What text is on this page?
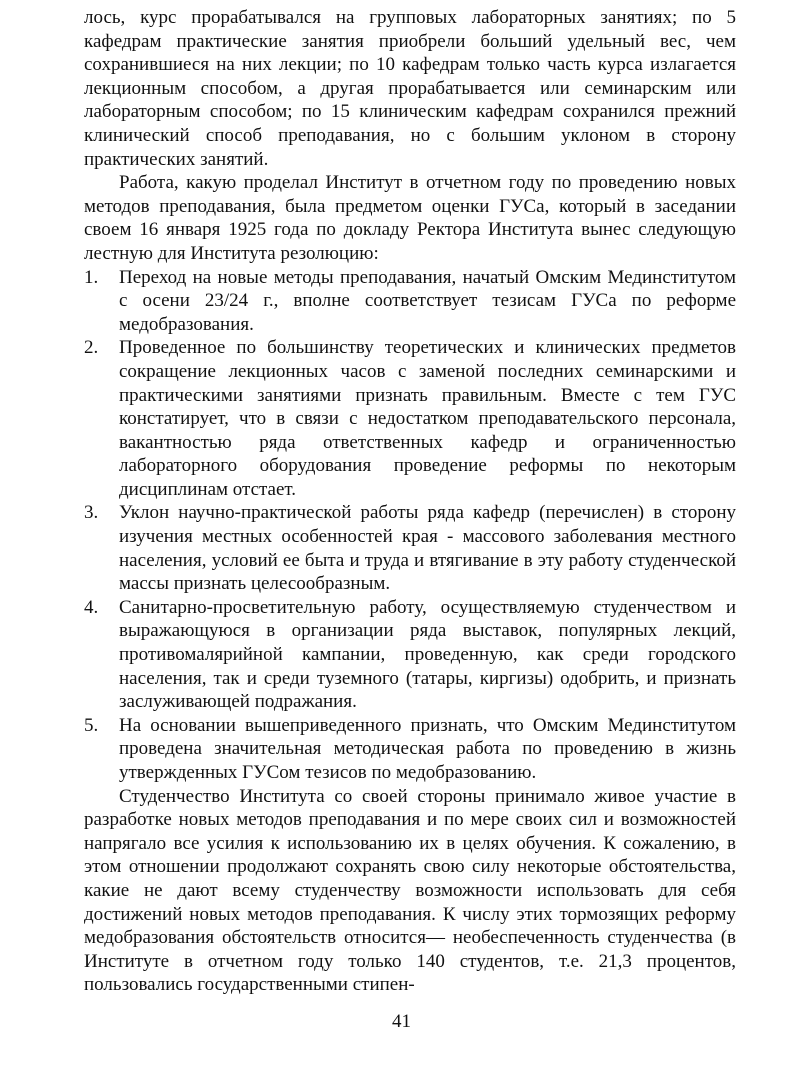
лось, курс прорабатывался на групповых лабораторных занятиях; по 5 кафедрам практические занятия приобрели больший удельный вес, чем сохранившиеся на них лекции; по 10 кафедрам только часть курса излагается лекционным способом, а другая прорабатывается или семинарским или лабораторным способом; по 15 клиническим кафедрам сохранился прежний клинический способ преподавания, но с большим уклоном в сторону практических занятий.

Работа, какую проделал Институт в отчетном году по проведению новых методов преподавания, была предметом оценки ГУСа, который в заседании своем 16 января 1925 года по докладу Ректора Института вынес следующую лестную для Института резолюцию:

1.	Переход на новые методы преподавания, начатый Омским Мединститутом с осени 23/24 г., вполне соответствует тезисам ГУСа по реформе медобразования.
2.	Проведенное по большинству теоретических и клинических предметов сокращение лекционных часов с заменой последних семинарскими и практическими занятиями признать правильным. Вместе с тем ГУС констатирует, что в связи с недостатком преподавательского персонала, вакантностью ряда ответственных кафедр и ограниченностью лабораторного оборудования проведение реформы по некоторым дисциплинам отстает.
3.	Уклон научно-практической работы ряда кафедр (перечислен) в сторону изучения местных особенностей края - массового заболевания местного населения, условий ее быта и труда и втягивание в эту работу студенческой массы признать целесообразным.
4.	Санитарно-просветительную работу, осуществляемую студенчеством и выражающуюся в организации ряда выставок, популярных лекций, противомалярийной кампании, проведенную, как среди городского населения, так и среди туземного (татары, киргизы) одобрить, и признать заслуживающей подражания.
5.	На основании вышеприведенного признать, что Омским Мединститутом проведена значительная методическая работа по проведению в жизнь утвержденных ГУСом тезисов по медобразованию.

Студенчество Института со своей стороны принимало живое участие в разработке новых методов преподавания и по мере своих сил и возможностей напрягало все усилия к использованию их в целях обучения. К сожалению, в этом отношении продолжают сохранять свою силу некоторые обстоятельства, какие не дают всему студенчеству возможности использовать для себя достижений новых методов преподавания. К числу этих тормозящих реформу медобразования обстоятельств относится— необеспеченность студенчества (в Институте в отчетном году только 140 студентов, т.е. 21,3 процентов, пользовались государственными стипен-

41
